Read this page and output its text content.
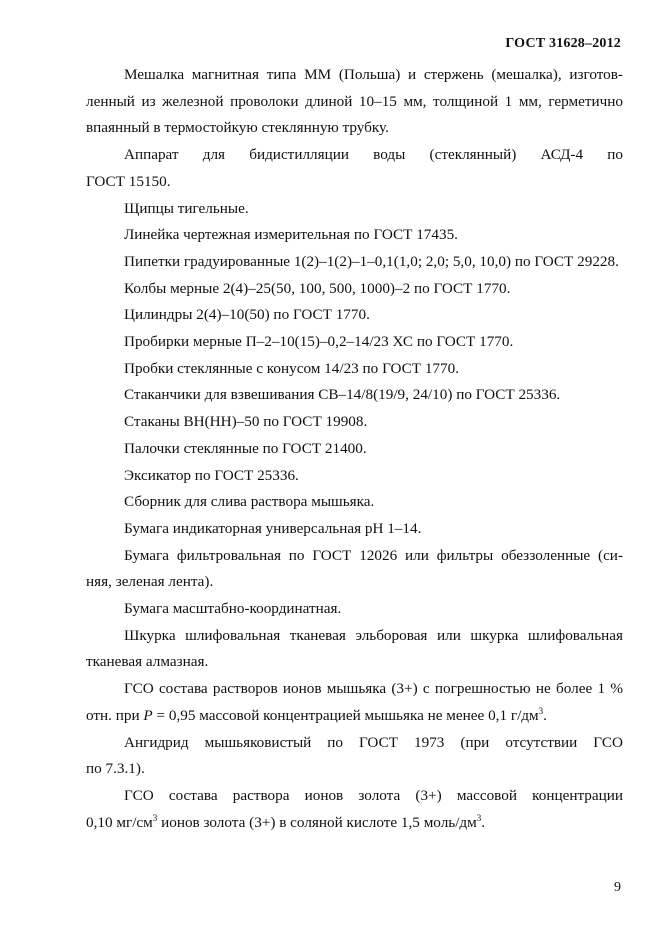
ГОСТ 31628–2012

Мешалка магнитная типа ММ (Польша) и стержень (мешалка), изготов-
ленный из железной проволоки длиной 10–15 мм, толщиной 1 мм, герметично
впаянный в термостойкую стеклянную трубку.

Аппарат для бидистилляции воды (стеклянный) АСД-4 по
ГОСТ 15150.

Щипцы тигельные.

Линейка чертежная измерительная по ГОСТ 17435.

Пипетки градуированные 1(2)–1(2)–1–0,1(1,0; 2,0; 5,0, 10,0) по ГОСТ 29228.

Колбы мерные 2(4)–25(50, 100, 500, 1000)–2 по ГОСТ 1770.

Цилиндры 2(4)–10(50) по ГОСТ 1770.

Пробирки мерные П–2–10(15)–0,2–14/23 ХС по ГОСТ 1770.

Пробки стеклянные с конусом 14/23 по ГОСТ 1770.

Стаканчики для взвешивания СВ–14/8(19/9, 24/10) по ГОСТ 25336.

Стаканы ВН(НН)–50 по ГОСТ 19908.

Палочки стеклянные по ГОСТ 21400.

Эксикатор по ГОСТ 25336.

Сборник для слива раствора мышьяка.

Бумага индикаторная универсальная рН 1–14.

Бумага фильтровальная по ГОСТ 12026 или фильтры обеззоленные (си-
няя, зеленая лента).

Бумага масштабно-координатная.

Шкурка шлифовальная тканевая эльборовая или шкурка шлифовальная
тканевая алмазная.

ГСО состава растворов ионов мышьяка (3+) с погрешностью не более 1 %
отн. при Р = 0,95 массовой концентрацией мышьяка не менее 0,1 $г/дм^3$.

Ангидрид мышьяковистый по ГОСТ 1973 (при отсутствии ГСО
по 7.3.1).

ГСО состава раствора ионов золота (3+) массовой концентрации
0,10 $мг/см^3$ ионов золота (3+) в соляной кислоте 1,5 моль/$дм^3$.

9
